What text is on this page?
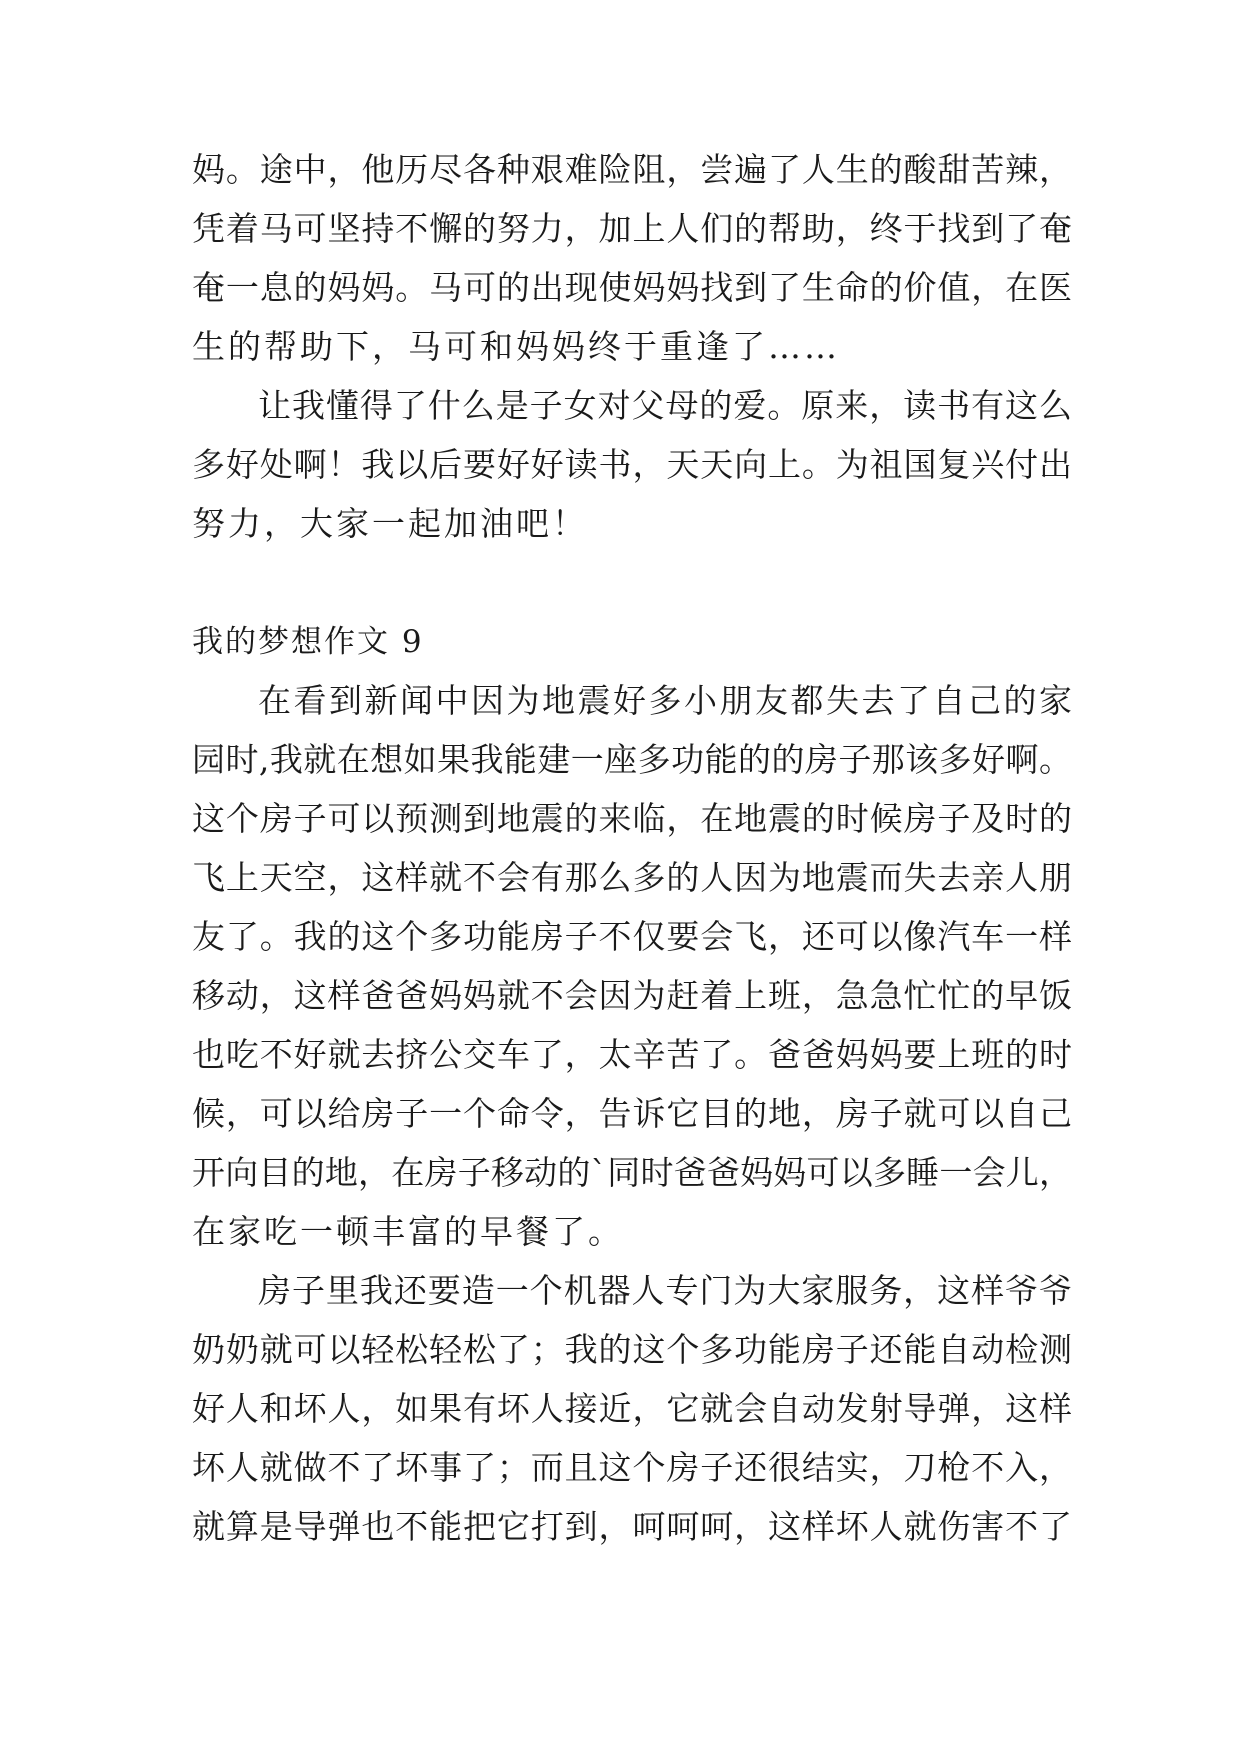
妈。途中，他历尽各种艰难险阻，尝遍了人生的酸甜苦辣，
凭着马可坚持不懈的努力，加上人们的帮助，终于找到了奄
奄一息的妈妈。马可的出现使妈妈找到了生命的价值，在医
生的帮助下，马可和妈妈终于重逢了……
让我懂得了什么是子女对父母的爱。原来，读书有这么
多好处啊！我以后要好好读书，天天向上。为祖国复兴付出
努力，大家一起加油吧！
我的梦想作文 9
在看到新闻中因为地震好多小朋友都失去了自己的家
园时,我就在想如果我能建一座多功能的的房子那该多好啊。
这个房子可以预测到地震的来临，在地震的时候房子及时的
飞上天空，这样就不会有那么多的人因为地震而失去亲人朋
友了。我的这个多功能房子不仅要会飞，还可以像汽车一样
移动，这样爸爸妈妈就不会因为赶着上班，急急忙忙的早饭
也吃不好就去挤公交车了，太辛苦了。爸爸妈妈要上班的时
候，可以给房子一个命令，告诉它目的地，房子就可以自己
开向目的地，在房子移动的`同时爸爸妈妈可以多睡一会儿，
在家吃一顿丰富的早餐了。
房子里我还要造一个机器人专门为大家服务，这样爷爷
奶奶就可以轻松轻松了；我的这个多功能房子还能自动检测
好人和坏人，如果有坏人接近，它就会自动发射导弹，这样
坏人就做不了坏事了；而且这个房子还很结实，刀枪不入，
就算是导弹也不能把它打到，呵呵呵，这样坏人就伤害不了
